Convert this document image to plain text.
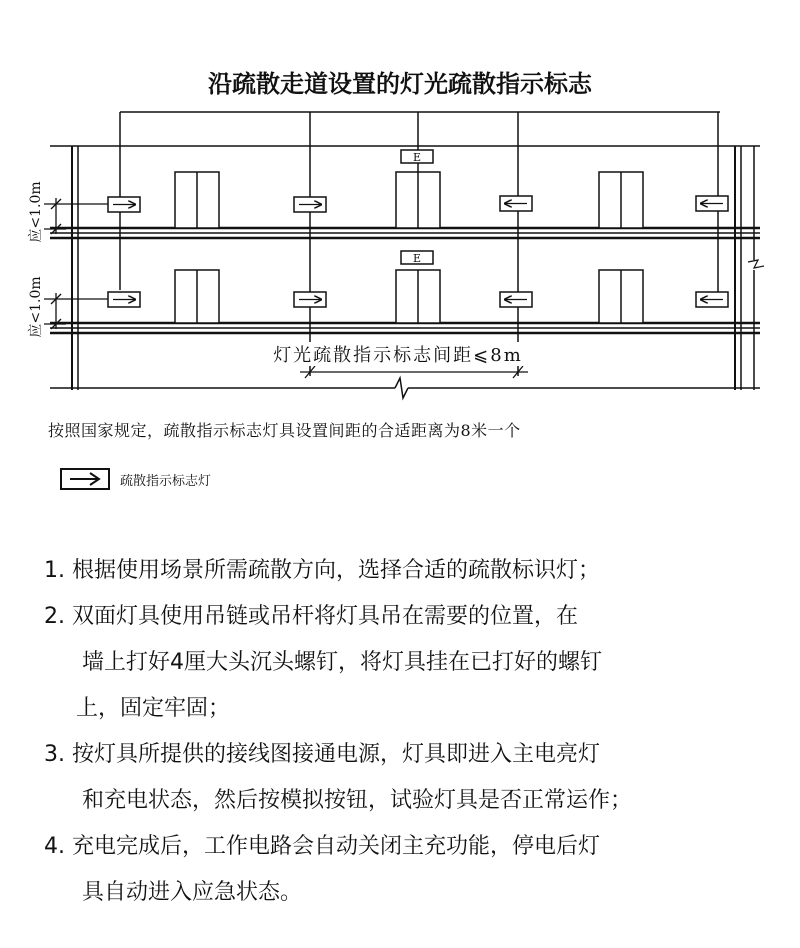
沿疏散走道设置的灯光疏散指示标志
E
E
应<1.0m
应<1.0m
灯光疏散指示标志间距⩽8m
按照国家规定，疏散指示标志灯具设置间距的合适距离为8米一个
疏散指示标志灯
1.
根据使用场景所需疏散方向，选择合适的疏散标识灯；
2.
双面灯具使用吊链或吊杆将灯具吊在需要的位置，在
墙上打好4厘大头沉头螺钉，将灯具挂在已打好的螺钉
上，固定牢固；
3.
按灯具所提供的接线图接通电源，灯具即进入主电亮灯
和充电状态，然后按模拟按钮，试验灯具是否正常运作；
4.
充电完成后，工作电路会自动关闭主充功能，停电后灯
具自动进入应急状态。
